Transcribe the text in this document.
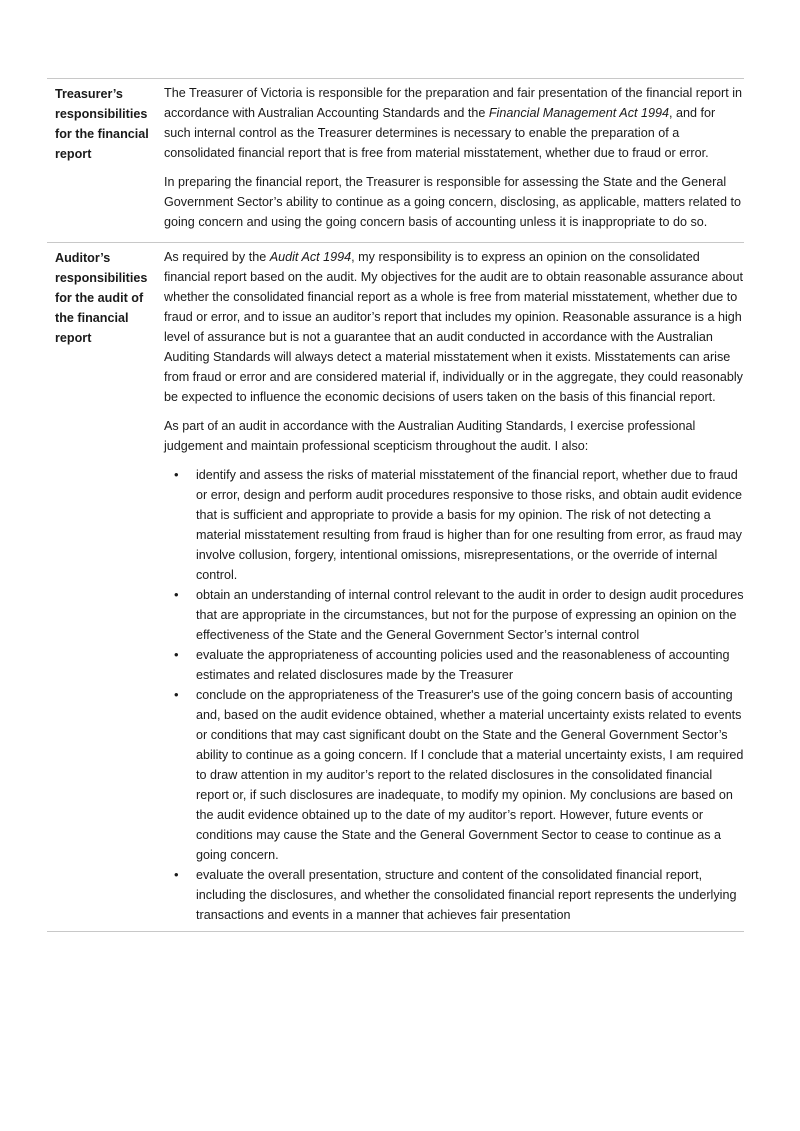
Treasurer’s responsibilities for the financial report

The Treasurer of Victoria is responsible for the preparation and fair presentation of the financial report in accordance with Australian Accounting Standards and the Financial Management Act 1994, and for such internal control as the Treasurer determines is necessary to enable the preparation of a consolidated financial report that is free from material misstatement, whether due to fraud or error.

In preparing the financial report, the Treasurer is responsible for assessing the State and the General Government Sector’s ability to continue as a going concern, disclosing, as applicable, matters related to going concern and using the going concern basis of accounting unless it is inappropriate to do so.

Auditor’s responsibilities for the audit of the financial report

As required by the Audit Act 1994, my responsibility is to express an opinion on the consolidated financial report based on the audit. My objectives for the audit are to obtain reasonable assurance about whether the consolidated financial report as a whole is free from material misstatement, whether due to fraud or error, and to issue an auditor’s report that includes my opinion. Reasonable assurance is a high level of assurance but is not a guarantee that an audit conducted in accordance with the Australian Auditing Standards will always detect a material misstatement when it exists. Misstatements can arise from fraud or error and are considered material if, individually or in the aggregate, they could reasonably be expected to influence the economic decisions of users taken on the basis of this financial report.

As part of an audit in accordance with the Australian Auditing Standards, I exercise professional judgement and maintain professional scepticism throughout the audit. I also:

• identify and assess the risks of material misstatement of the financial report, whether due to fraud or error, design and perform audit procedures responsive to those risks, and obtain audit evidence that is sufficient and appropriate to provide a basis for my opinion. The risk of not detecting a material misstatement resulting from fraud is higher than for one resulting from error, as fraud may involve collusion, forgery, intentional omissions, misrepresentations, or the override of internal control.
• obtain an understanding of internal control relevant to the audit in order to design audit procedures that are appropriate in the circumstances, but not for the purpose of expressing an opinion on the effectiveness of the State and the General Government Sector’s internal control
• evaluate the appropriateness of accounting policies used and the reasonableness of accounting estimates and related disclosures made by the Treasurer
• conclude on the appropriateness of the Treasurer's use of the going concern basis of accounting and, based on the audit evidence obtained, whether a material uncertainty exists related to events or conditions that may cast significant doubt on the State and the General Government Sector’s ability to continue as a going concern. If I conclude that a material uncertainty exists, I am required to draw attention in my auditor’s report to the related disclosures in the consolidated financial report or, if such disclosures are inadequate, to modify my opinion. My conclusions are based on the audit evidence obtained up to the date of my auditor’s report. However, future events or conditions may cause the State and the General Government Sector to cease to continue as a going concern.
• evaluate the overall presentation, structure and content of the consolidated financial report, including the disclosures, and whether the consolidated financial report represents the underlying transactions and events in a manner that achieves fair presentation
